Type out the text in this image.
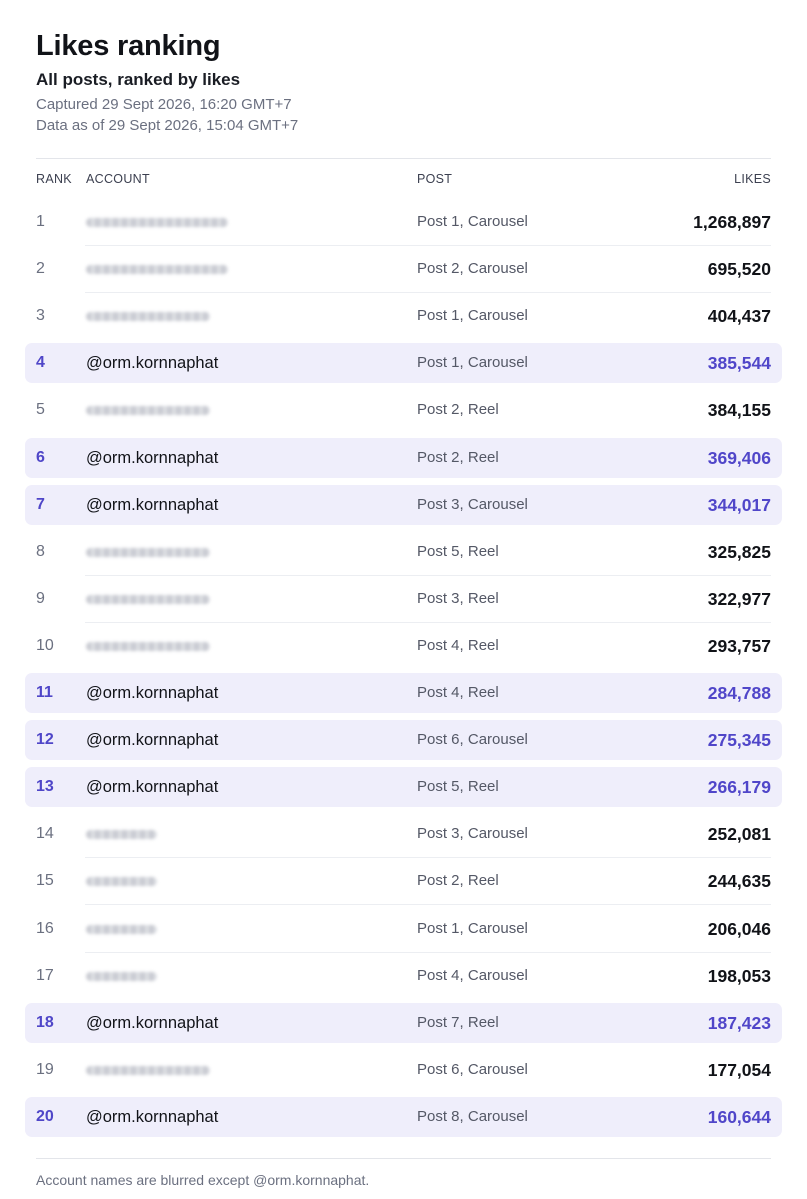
Likes ranking
All posts, ranked by likes
Captured 29 Sept 2026, 16:20 GMT+7
Data as of 29 Sept 2026, 15:04 GMT+7
RANK ACCOUNT	POST	LIKES
1	Post 1, Carousel	1,268,897
2	Post 2, Carousel	695,520
3	Post 1, Carousel	404,437
4 @orm.kornnaphat	Post 1, Carousel	385,544
5	Post 2, Reel	384,155
6 @orm.kornnaphat	Post 2, Reel	369,406
7 @orm.kornnaphat	Post 3, Carousel	344,017
8	Post 5, Reel	325,825
9	Post 3, Reel	322,977
10	Post 4, Reel	293,757
11 @orm.kornnaphat	Post 4, Reel	284,788
12 @orm.kornnaphat	Post 6, Carousel	275,345
13 @orm.kornnaphat	Post 5, Reel	266,179
14	Post 3, Carousel	252,081
15	Post 2, Reel	244,635
16	Post 1, Carousel	206,046
17	Post 4, Carousel	198,053
18 @orm.kornnaphat	Post 7, Reel	187,423
19	Post 6, Carousel	177,054
20 @orm.kornnaphat	Post 8, Carousel	160,644
Account names are blurred except @orm.kornnaphat.
